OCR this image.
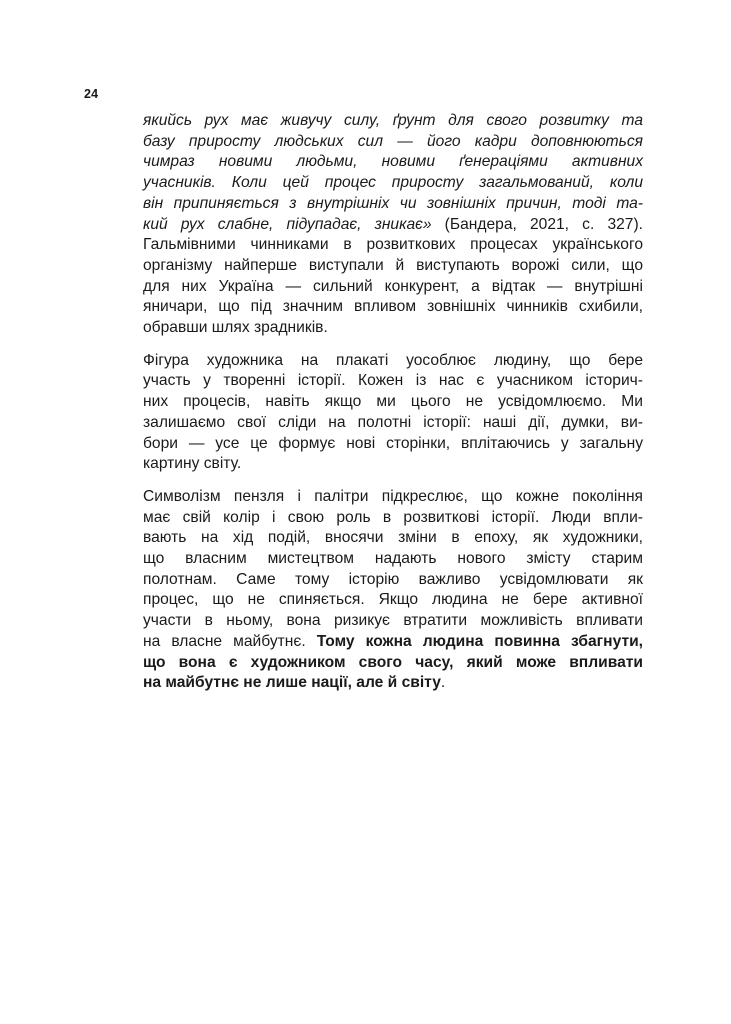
24

якийсь рух має живучу силу, ґрунт для свого розвитку та
базу приросту людських сил — його кадри доповнюються
чимраз новими людьми, новими ґенераціями активних
учасників. Коли цей процес приросту загальмований, коли
він припиняється з внутрішніх чи зовнішніх причин, тоді та-
кий рух слабне, підупадає, зникає» (Бандера, 2021, с. 327).
Гальмівними чинниками в розвиткових процесах українського
організму найперше виступали й виступають ворожі сили, що
для них Україна — сильний конкурент, а відтак — внутрішні
яничари, що під значним впливом зовнішніх чинників схибили,
обравши шлях зрадників.

Фігура художника на плакаті уособлює людину, що бере
участь у творенні історії. Кожен із нас є учасником історич-
них процесів, навіть якщо ми цього не усвідомлюємо. Ми
залишаємо свої сліди на полотні історії: наші дії, думки, ви-
бори — усе це формує нові сторінки, вплітаючись у загальну
картину світу.

Символізм пензля і палітри підкреслює, що кожне покоління
має свій колір і свою роль в розвиткові історії. Люди впли-
вають на хід подій, вносячи зміни в епоху, як художники,
що власним мистецтвом надають нового змісту старим
полотнам. Саме тому історію важливо усвідомлювати як
процес, що не спиняється. Якщо людина не бере активної
участи в ньому, вона ризикує втратити можливість впливати
на власне майбутнє. Тому кожна людина повинна збагнути,
що вона є художником свого часу, який може впливати
на майбутнє не лише нації, але й світу.
